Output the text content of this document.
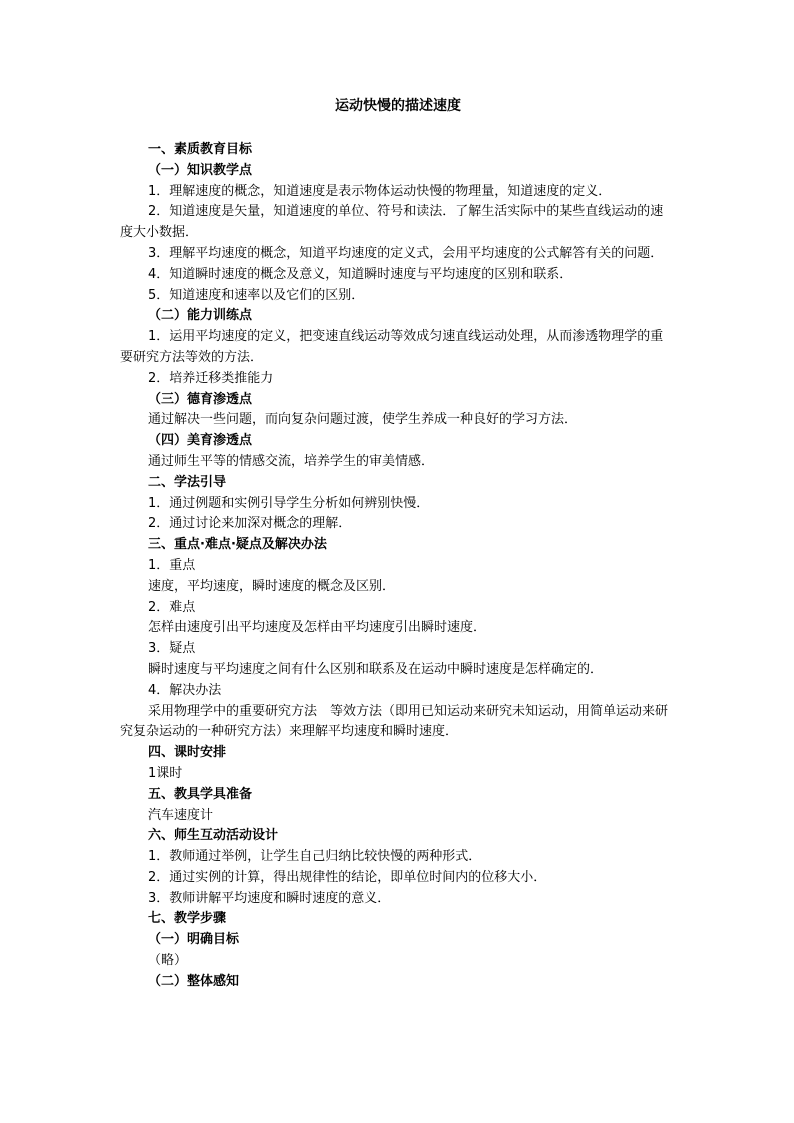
运动快慢的描述速度

一、素质教育目标

（一）知识教学点

1．理解速度的概念，知道速度是表示物体运动快慢的物理量，知道速度的定义．

2．知道速度是矢量，知道速度的单位、符号和读法．了解生活实际中的某些直线运动的速度大小数据．

3．理解平均速度的概念，知道平均速度的定义式，会用平均速度的公式解答有关的问题．

4．知道瞬时速度的概念及意义，知道瞬时速度与平均速度的区别和联系．

5．知道速度和速率以及它们的区别．

（二）能力训练点

1．运用平均速度的定义，把变速直线运动等效成匀速直线运动处理，从而渗透物理学的重要研究方法等效的方法．

2．培养迁移类推能力

（三）德育渗透点

通过解决一些问题，而向复杂问题过渡，使学生养成一种良好的学习方法．

（四）美育渗透点

通过师生平等的情感交流，培养学生的审美情感．

二、学法引导

1．通过例题和实例引导学生分析如何辨别快慢．

2．通过讨论来加深对概念的理解．

三、重点·难点·疑点及解决办法

1．重点

速度，平均速度，瞬时速度的概念及区别．

2．难点

怎样由速度引出平均速度及怎样由平均速度引出瞬时速度．

3．疑点

瞬时速度与平均速度之间有什么区别和联系及在运动中瞬时速度是怎样确定的．

4．解决办法

采用物理学中的重要研究方法　等效方法（即用已知运动来研究未知运动，用简单运动来研究复杂运动的一种研究方法）来理解平均速度和瞬时速度．

四、课时安排

1课时

五、教具学具准备

汽车速度计

六、师生互动活动设计

1．教师通过举例，让学生自己归纳比较快慢的两种形式．

2．通过实例的计算，得出规律性的结论，即单位时间内的位移大小．

3．教师讲解平均速度和瞬时速度的意义．

七、教学步骤

（一）明确目标

（略）

（二）整体感知
